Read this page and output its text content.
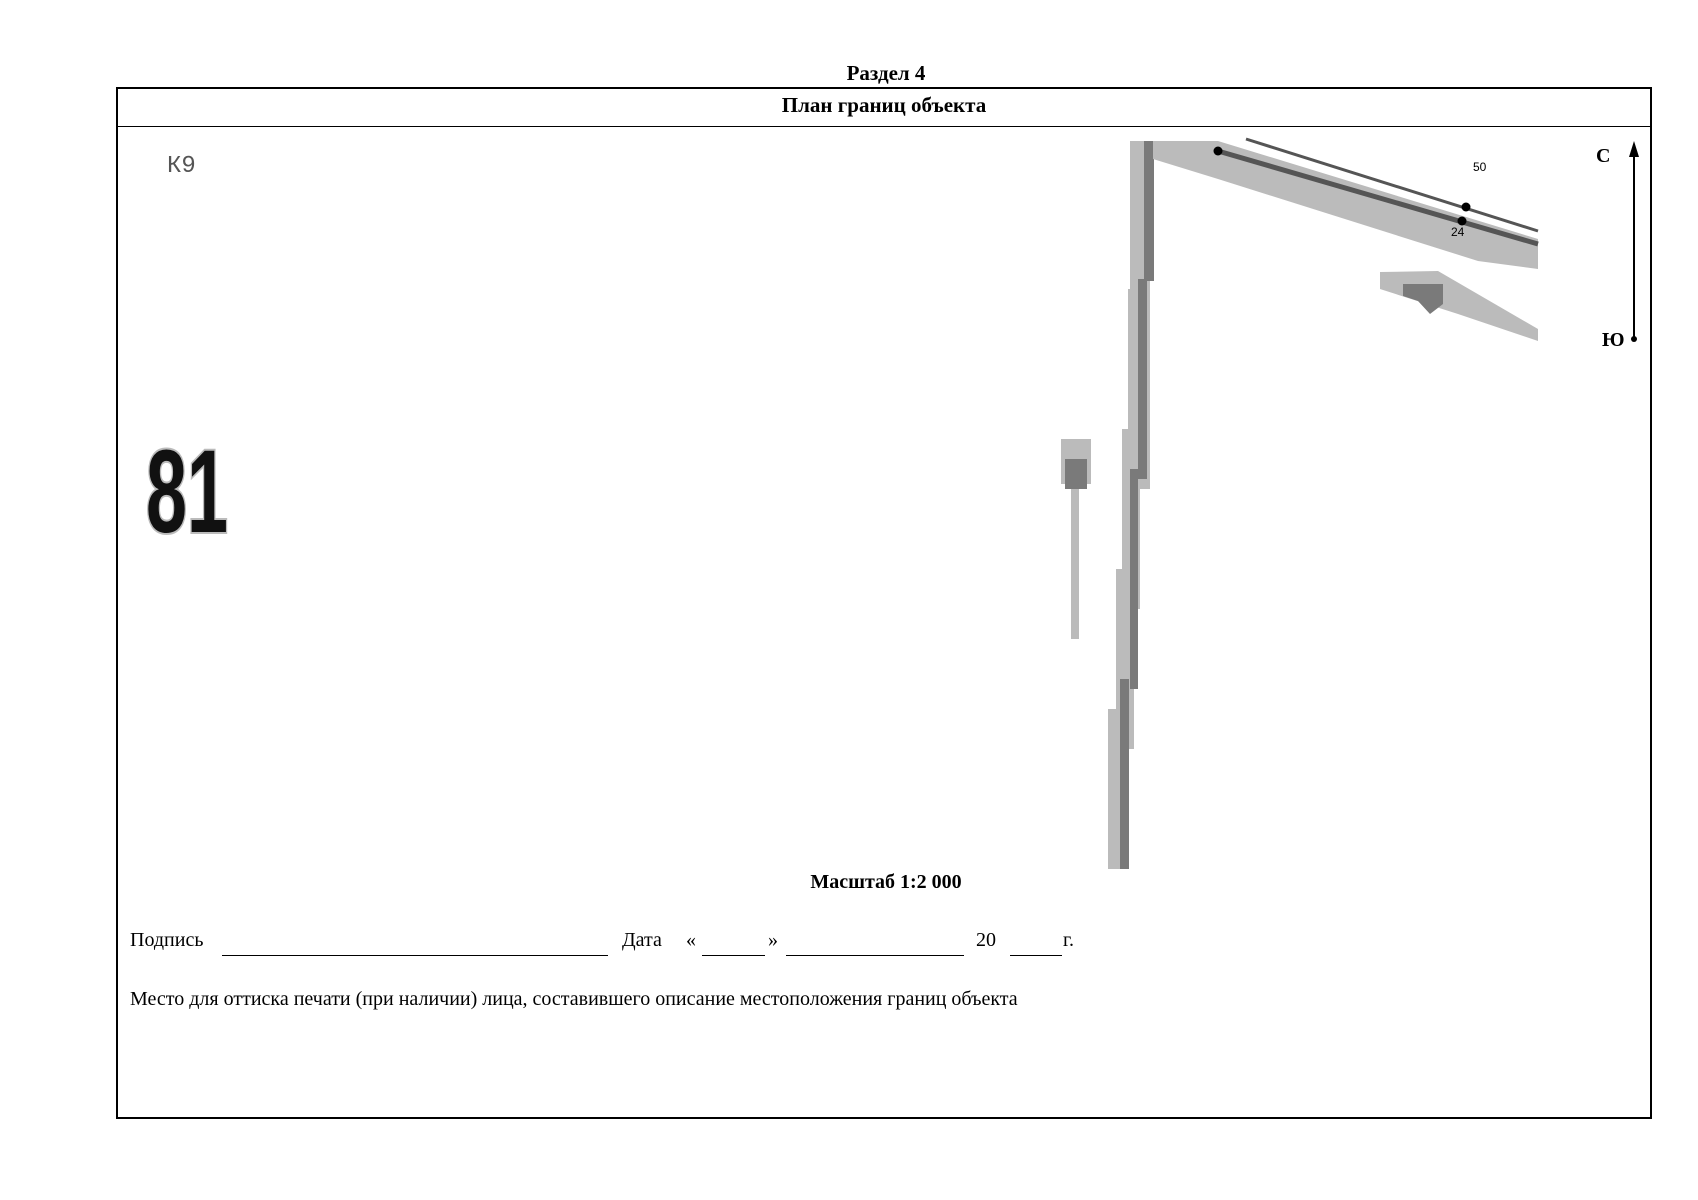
Раздел 4
План границ объекта
К9
81
50
24
С
Ю
Масштаб 1:2 000
Подпись	Дата «	»	20	г.
Место для оттиска печати (при наличии) лица, составившего описание местоположения границ объекта
